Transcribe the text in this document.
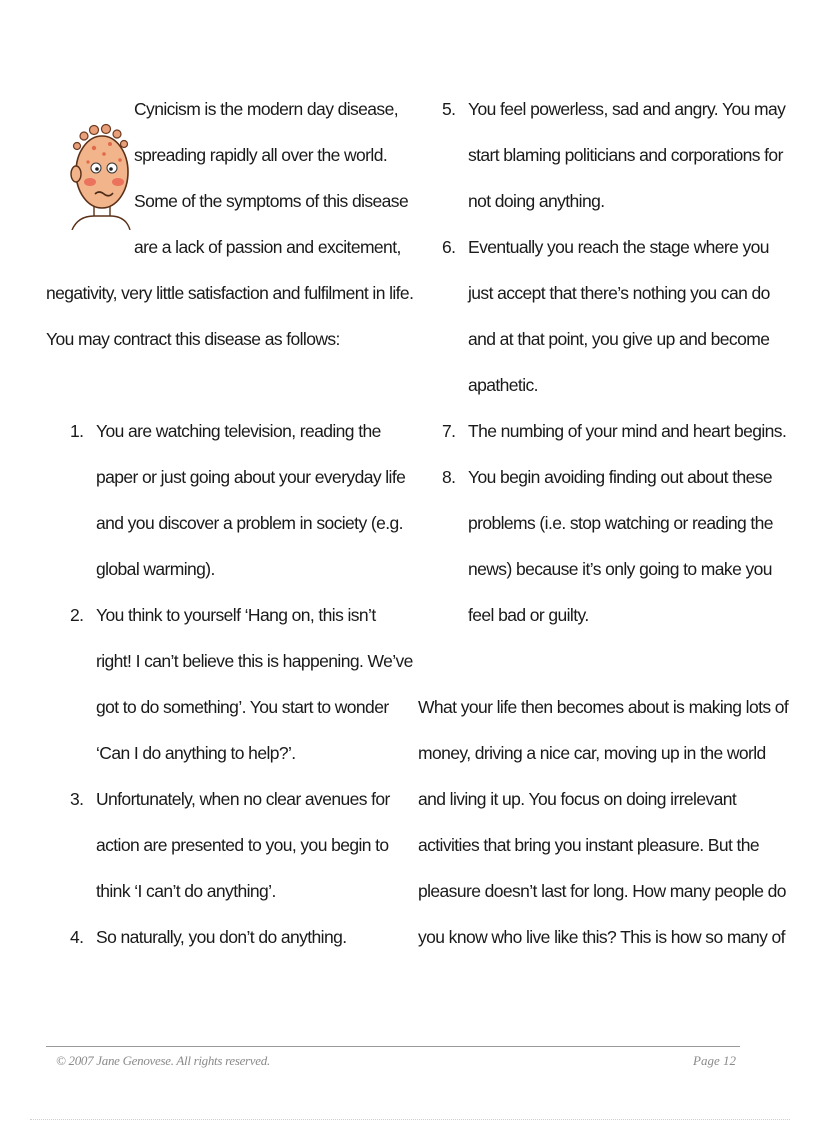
Cynicism is the modern day disease,
spreading rapidly all over the world.
Some of the symptoms of this disease
are a lack of passion and excitement,
negativity, very little satisfaction and fulfilment in life.
You may contract this disease as follows:

1. You are watching television, reading the
paper or just going about your everyday life
and you discover a problem in society (e.g.
global warming).
2. You think to yourself ‘Hang on, this isn’t
right! I can’t believe this is happening. We’ve
got to do something’. You start to wonder
‘Can I do anything to help?’.
3. Unfortunately, when no clear avenues for
action are presented to you, you begin to
think ‘I can’t do anything’.
4. So naturally, you don’t do anything.
5. You feel powerless, sad and angry. You may
start blaming politicians and corporations for
not doing anything.
6. Eventually you reach the stage where you
just accept that there’s nothing you can do
and at that point, you give up and become
apathetic.
7. The numbing of your mind and heart begins.
8. You begin avoiding finding out about these
problems (i.e. stop watching or reading the
news) because it’s only going to make you
feel bad or guilty.

What your life then becomes about is making lots of
money, driving a nice car, moving up in the world
and living it up. You focus on doing irrelevant
activities that bring you instant pleasure. But the
pleasure doesn’t last for long. How many people do
you know who live like this? This is how so many of

© 2007 Jane Genovese. All rights reserved.	Page 12
